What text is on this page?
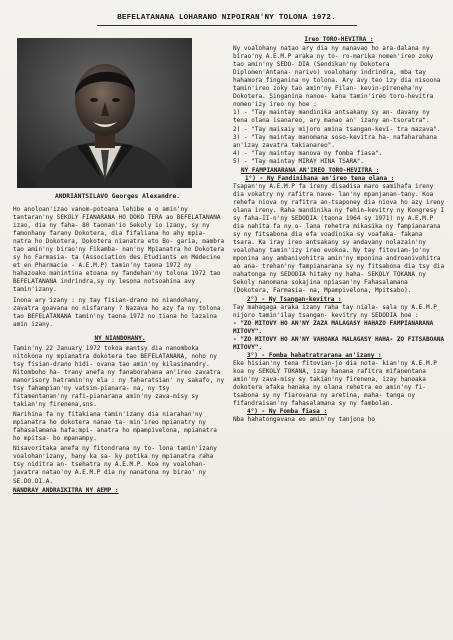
BEFELATANANA LOHARANO NIPOIRAN'NY TOLONA 1972.
ANDRIANTSILAVO Georges Alexandre.

Ho anoloan'izao vanom-potoana lehibe e o amin'ny tantaran'ny SEKOLY FIANARANA HO DOKO TERA ao BEFELATANANA izao, dia ny faha- 80 taonan'io Sekoly io izany, sy ny famonhany farany Dokotera, dia fifaliana ho ahy mpia- natra ho Dokotera, Dokotera nianatra eto Bo- garia, mambra tao amin'ny birao'ny Fikamba- nan'ny Mpianatra ho Dokotera sy ho Farmasia- ta (Association des Etudiants en Médecine et en Pharmacie - A.E.M.P) tamin'ny taona 1972 ny hahazoako manintina etoana ny fandehan'ny tolona 1972 tao BEFELATANANA indrindra,sy ny lesona notsoahina avy tamin'izany.

Inona ary izany : ny tay fisian-drano no niandohany, zavatra goavana no nisfarany ? Nazava ho azy fa ny tolona tao BEFELATANANA tamin'ny taona 1972 no tiana ho lazaina amin izany.

NY NIANDOHANY.

Tamin'ny 22 January 1972 tokoa mantsy dia nanomboka nitokona ny mpianatra dokotera tao BEFELATANANA, noho ny tsy fisian-drano hidi- ovana tao amin'ny kilasimandry. Nitomboho ha- trany anefa ny fanaborahana an'ireo zavatra manorisory hatramin'ny ela : ny faharatsian' ny sakafo, ny tsy fahampian'ny vatsim-pianara- na, ny tsy fitamentanan'ny rafi-pianarana amin'ny zava-misy sy takian'ny firenena,sns.

Narihina fa ny fitakiana tamin'izany dia niarahan'ny mpianatra ho dokotera nanao ta- min'ireo mpianatry ny fahasalamana hafa:mpi- anatra ho mpampivelona, mpianatra ho mpitsa- bo mpanampy.

Nisavoritaka anefa ny fitondrana ny to- lona tamin'izany voalohan'izany, hany ka sa- ky potika ny mpianatra raha tsy niditra an- tsehatra ny A.E.M.P. Koa ny voalohan-javatra natao'ny A.E.M.P dia ny nanatona ny birao' ny SE.DO.DI.A.

NANDRAY ANDRAIKITRA NY AEMP :

Ireo TORO-HEVITRA :

Ny voalohany natao ary dia ny nanavao ho ara-dalana ny birao'ny A.E.M.P araka ny to- ro-marika nomen'ireo zoky tao amin'ny SEDO- DIA (Sendikan'ny Dokotera Diplomen'Antana- narivo) voalohany indrindra, mba tay hahamora finganina ny tolona. Ary avy teo izy dia nisoona tamin'ireo zoky tao amin'ny Filan- kevin-pireneha'ny Dokotera. Singanina nanoe- kana tamin'ireo toro-hevitra nomen'izy ireo ny hoe :

1) - "Tay maintay mandinika antsakany sy an- davany ny tena olana isanareo, ary manao an' izany an-tsoratra".

2) - "Tay maisaiy mijoro amina tsangan-kevi- tra mazava".

3) - "Tay maintay manomana soso-kevitra ha- nafaharahana an'izay zavatra takianareo".

4) - "Tay maintay manova ny fomba fiasa".

5) - "Tay maintay MIRAY HINA TSARA".

NY FAMPIANARANA AN'IREO TORO-HEVITRA :

1°) - Ny Fandinihana an'ireo tena olana :

Tsapan'ny A.E.M.P fa ireny disadisa maro samihafa ireny dia vokatry ny rafitra nave- lan'ny mpanjanan-tany. Koa rehefa niova ny rafitra an-tsaponey dia niova ho azy ireny olana ireny. Raha mandinika ny fehin-kevitry ny Kongresy I sy faha-II-n'ny SEDODIA (taona 1964 sy 1971) ny A.E.M.P dia nahita fa ny o- lana rehetra mikasika ny fampianarana sy ny fitsabona dia efa voadinika sy voafaka- fakana tsara. Ka iray ireo antsakany sy andavany nolazain'ny voalohany tamin'izy ireo evokoa. Ny tay fitoviam-jo'ny mponina any ambanivohitra amin'ny mponina androanivohitra ao ana- trehan'ny fampianarana sy ny fitsabona dia tsy dia nahatonga ny SEDODIA hitaky ny haha- SEKOLY TOKANA ny Sekoly nanomana sokajina npiasan'ny Fahasalamana (Dokotera, Farmasia- na, Mpampivelona, Mpitsabo).

2°) - Ny Tsangan-kevitra :

Tay mahagaga araka izany raha tay niala- sala ny A.E.M.P nijoro tamin'ilay tsangan- kevitry ny SEDODIA hoe :

- "ZO MITOVY HO AN'NY ZAZA MALAGASY HAHAZO FAMPIANARANA MITOVY".

- "ZO MITOVY HO AN'NY VAHOAKA MALAGASY HAHA- ZO FITSABOANA MITOVY".

3°) - Fomba hahatratrarana an'izany :

Eke hisian'ny tena fitovian-jo dia nota- kian'ny A.E.M.P koa ny SEKOLY TOKANA, izay hanana rafitra mifanentana amin'ny zava-misy sy takian'ny firenena, izay hanoaka dokotera afaka hanaka ny olana rehetra eo amin'ny fi- tsabona sy ny fiarovana ny aretina, maha- tanga ny fifandraisan'ny fahasalamana sy ny fambolan.

4°) - Ny Fomba fiasa :

Nba hahatongavana eo amin'ny tanjona ho
